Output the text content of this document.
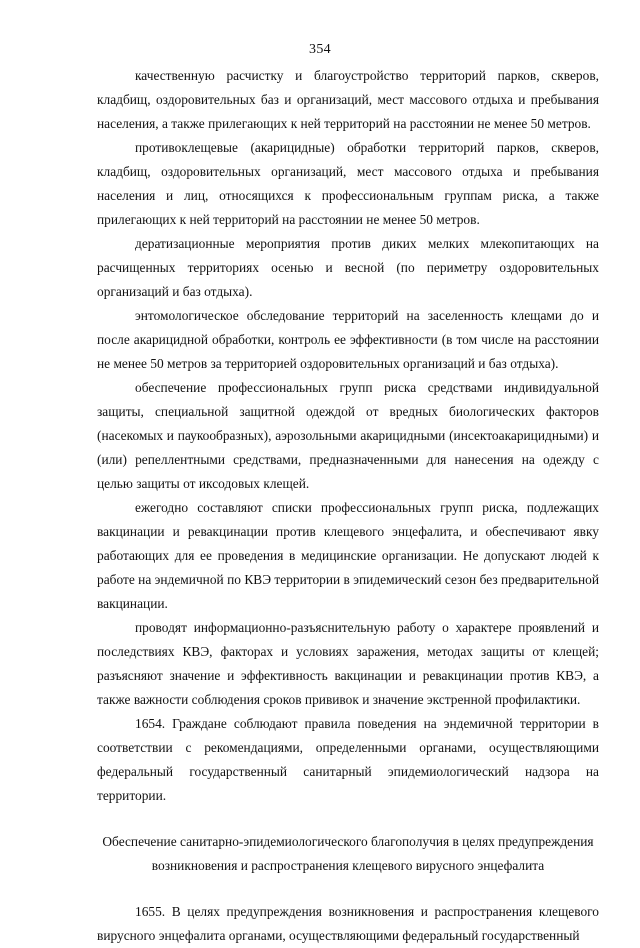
354

качественную расчистку и благоустройство территорий парков, скверов, кладбищ, оздоровительных баз и организаций, мест массового отдыха и пребывания населения, а также прилегающих к ней территорий на расстоянии не менее 50 метров.

противоклещевые (акарицидные) обработки территорий парков, скверов, кладбищ, оздоровительных организаций, мест массового отдыха и пребывания населения и лиц, относящихся к профессиональным группам риска, а также прилегающих к ней территорий на расстоянии не менее 50 метров.

дератизационные мероприятия против диких мелких млекопитающих на расчищенных территориях осенью и весной (по периметру оздоровительных организаций и баз отдыха).

энтомологическое обследование территорий на заселенность клещами до и после акарицидной обработки, контроль ее эффективности (в том числе на расстоянии не менее 50 метров за территорией оздоровительных организаций и баз отдыха).

обеспечение профессиональных групп риска средствами индивидуальной защиты, специальной защитной одеждой от вредных биологических факторов (насекомых и паукообразных), аэрозольными акарицидными (инсектоакарицидными) и (или) репеллентными средствами, предназначенными для нанесения на одежду с целью защиты от иксодовых клещей.

ежегодно составляют списки профессиональных групп риска, подлежащих вакцинации и ревакцинации против клещевого энцефалита, и обеспечивают явку работающих для ее проведения в медицинские организации. Не допускают людей к работе на эндемичной по КВЭ территории в эпидемический сезон без предварительной вакцинации.

проводят информационно-разъяснительную работу о характере проявлений и последствиях КВЭ, факторах и условиях заражения, методах защиты от клещей; разъясняют значение и эффективность вакцинации и ревакцинации против КВЭ, а также важности соблюдения сроков прививок и значение экстренной профилактики.

1654. Граждане соблюдают правила поведения на эндемичной территории в соответствии с рекомендациями, определенными органами, осуществляющими федеральный государственный санитарный эпидемиологический надзора на территории.

Обеспечение санитарно-эпидемиологического благополучия в целях предупреждения возникновения и распространения клещевого вирусного энцефалита

1655. В целях предупреждения возникновения и распространения клещевого вирусного энцефалита органами, осуществляющими федеральный государственный
